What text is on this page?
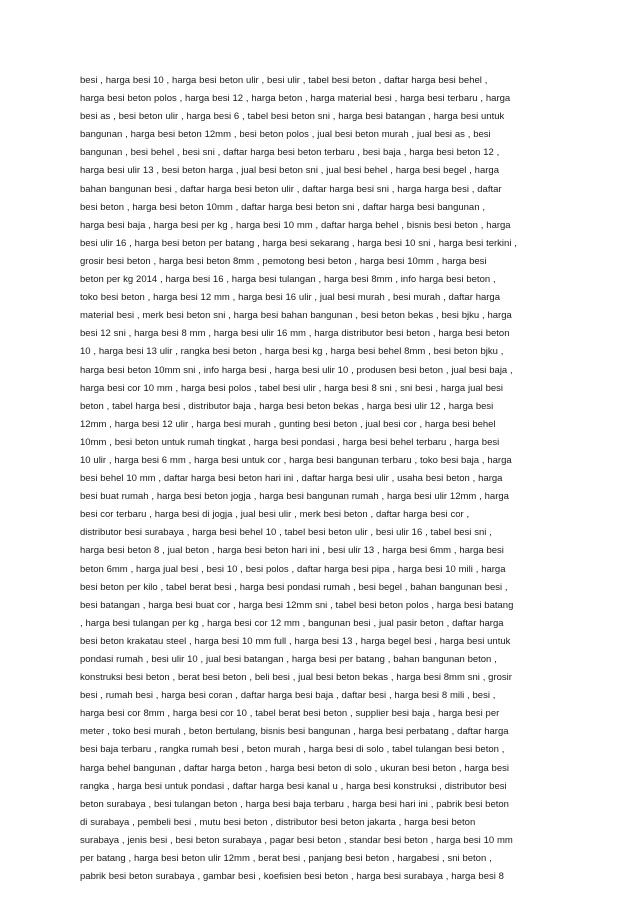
besi , harga besi 10 , harga besi beton ulir , besi ulir , tabel besi beton , daftar harga besi behel ,
harga besi beton polos , harga besi 12 , harga beton , harga material besi , harga besi terbaru , harga
besi as , besi beton ulir , harga besi 6 , tabel besi beton sni , harga besi batangan , harga besi untuk
bangunan , harga besi beton 12mm , besi beton polos , jual besi beton murah , jual besi as , besi
bangunan , besi behel , besi sni , daftar harga besi beton terbaru , besi baja , harga besi beton 12 ,
harga besi ulir 13 , besi beton harga , jual besi beton sni , jual besi behel , harga besi begel , harga
bahan bangunan besi , daftar harga besi beton ulir , daftar harga besi sni , harga harga besi , daftar
besi beton , harga besi beton 10mm , daftar harga besi beton sni , daftar harga besi bangunan ,
harga besi baja , harga besi per kg , harga besi 10 mm , daftar harga behel , bisnis besi beton , harga
besi ulir 16 , harga besi beton per batang , harga besi sekarang , harga besi 10 sni , harga besi terkini ,
grosir besi beton , harga besi beton 8mm , pemotong besi beton , harga besi 10mm , harga besi
beton per kg 2014 , harga besi 16 , harga besi tulangan , harga besi 8mm , info harga besi beton ,
toko besi beton , harga besi 12 mm , harga besi 16 ulir , jual besi murah , besi murah , daftar harga
material besi , merk besi beton sni , harga besi bahan bangunan , besi beton bekas , besi bjku , harga
besi 12 sni , harga besi 8 mm , harga besi ulir 16 mm , harga distributor besi beton , harga besi beton
10 , harga besi 13 ulir , rangka besi beton , harga besi kg , harga besi behel 8mm , besi beton bjku ,
harga besi beton 10mm sni , info harga besi , harga besi ulir 10 , produsen besi beton , jual besi baja ,
harga besi cor 10 mm , harga besi polos , tabel besi ulir , harga besi 8 sni , sni besi , harga jual besi
beton , tabel harga besi , distributor baja , harga besi beton bekas , harga besi ulir 12 , harga besi
12mm , harga besi 12 ulir , harga besi murah , gunting besi beton , jual besi cor , harga besi behel
10mm , besi beton untuk rumah tingkat , harga besi pondasi , harga besi behel terbaru , harga besi
10 ulir , harga besi 6 mm , harga besi untuk cor , harga besi bangunan terbaru , toko besi baja , harga
besi behel 10 mm , daftar harga besi beton hari ini , daftar harga besi ulir , usaha besi beton , harga
besi buat rumah , harga besi beton jogja , harga besi bangunan rumah , harga besi ulir 12mm , harga
besi cor terbaru , harga besi di jogja , jual besi ulir , merk besi beton , daftar harga besi cor ,
distributor besi surabaya , harga besi behel 10 , tabel besi beton ulir , besi ulir 16 , tabel besi sni ,
harga besi beton 8 , jual beton , harga besi beton hari ini , besi ulir 13 , harga besi 6mm , harga besi
beton 6mm , harga jual besi , besi 10 , besi polos , daftar harga besi pipa , harga besi 10 mili , harga
besi beton per kilo , tabel berat besi , harga besi pondasi rumah , besi begel , bahan bangunan besi ,
besi batangan , harga besi buat cor , harga besi 12mm sni , tabel besi beton polos , harga besi batang
, harga besi tulangan per kg , harga besi cor 12 mm , bangunan besi , jual pasir beton , daftar harga
besi beton krakatau steel , harga besi 10 mm full , harga besi 13 , harga begel besi , harga besi untuk
pondasi rumah , besi ulir 10 , jual besi batangan , harga besi per batang , bahan bangunan beton ,
konstruksi besi beton , berat besi beton , beli besi , jual besi beton bekas , harga besi 8mm sni , grosir
besi , rumah besi , harga besi coran , daftar harga besi baja , daftar besi , harga besi 8 mili , besi ,
harga besi cor 8mm , harga besi cor 10 , tabel berat besi beton , supplier besi baja , harga besi per
meter , toko besi murah , beton bertulang, bisnis besi bangunan , harga besi perbatang , daftar harga
besi baja terbaru , rangka rumah besi , beton murah , harga besi di solo , tabel tulangan besi beton ,
harga behel bangunan , daftar harga beton , harga besi beton di solo , ukuran besi beton , harga besi
rangka , harga besi untuk pondasi , daftar harga besi kanal u , harga besi konstruksi , distributor besi
beton surabaya , besi tulangan beton , harga besi baja terbaru , harga besi hari ini , pabrik besi beton
di surabaya , pembeli besi , mutu besi beton , distributor besi beton jakarta , harga besi beton
surabaya , jenis besi , besi beton surabaya , pagar besi beton , standar besi beton , harga besi 10 mm
per batang , harga besi beton ulir 12mm , berat besi , panjang besi beton , hargabesi , sni beton ,
pabrik besi beton surabaya , gambar besi , koefisien besi beton , harga besi surabaya , harga besi 8
